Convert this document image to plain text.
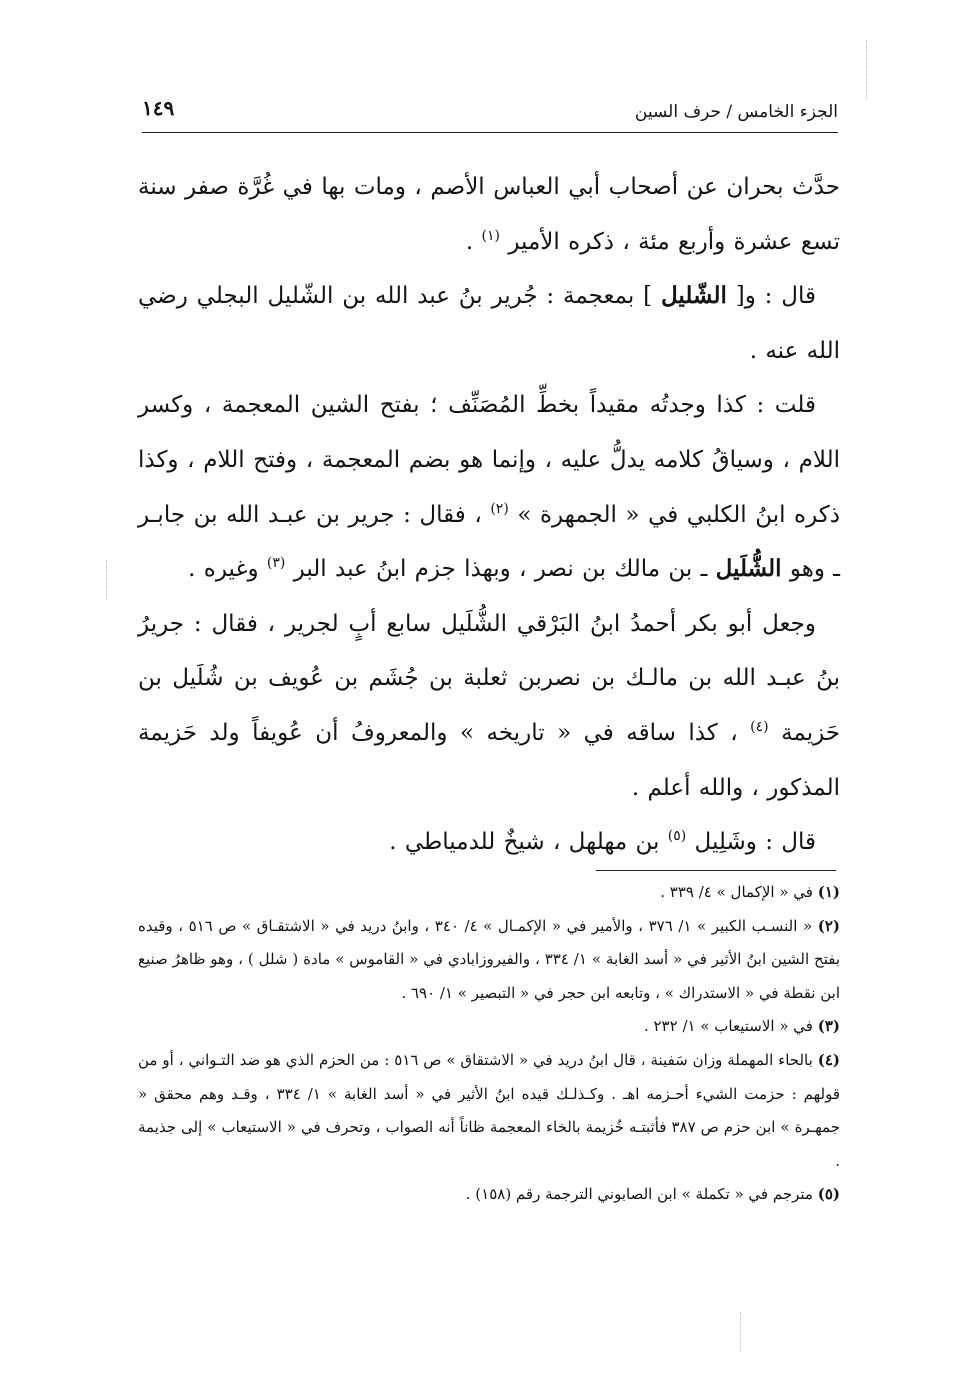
الجزء الخامس / حرف السين
١٤٩

حدَّث بحران عن أصحاب أبي العباس الأصم ، ومات بها في غُرَّة صفر سنة تسع عشرة وأربع مئة ، ذكره الأمير $^{(١)}$ .

قال : و[ الشّليل ] بمعجمة : جُرير بنُ عبد الله بن الشّليل البجلي رضي الله عنه .

قلت : كذا وجدتُه مقيداً بخطِّ المُصَنِّف ؛ بفتح الشين المعجمة ، وكسر اللام ، وسياقُ كلامه يدلُّ عليه ، وإنما هو بضم المعجمة ، وفتح اللام ، وكذا ذكره ابنُ الكلبي في « الجمهرة » $^{(٢)}$ ، فقال : جرير بن عبـد الله بن جابـر ـ وهو الشُّلَيل ـ بن مالك بن نصر ، وبهذا جزم ابنُ عبد البر $^{(٣)}$ وغيره .

وجعل أبو بكر أحمدُ ابنُ البَرْقي الشُّلَيل سابع أبٍ لجرير ، فقال : جريرُ بنُ عبـد الله بن مالـك بن نصربن ثعلبة بن جُشَم بن عُويف بن شُلَيل بن حَزيمة $^{(٤)}$ ، كذا ساقه في « تاريخه » والمعروفُ أن عُويفاً ولد حَزيمة المذكور ، والله أعلم .

قال : وشَلِيل $^{(٥)}$ بن مهلهل ، شيخٌ للدمياطي .

(١) في « الإكمال » ٤/ ٣٣٩ .

(٢) « النسـب الكبير » ١/ ٣٧٦ ، والأمير في « الإكمـال » ٤/ ٣٤٠ ، وابنُ دريد في « الاشتقـاق » ص ٥١٦ ، وقيده بفتح الشين ابنُ الأثير في « أسد الغابة » ١/ ٣٣٤ ، والفيروزابادي في « القاموس » مادة ( شلل ) ، وهو ظاهرُ صنيع ابن نقطة في « الاستدراك » ، وتابعه ابن حجر في « التبصير » ١/ ٦٩٠ .

(٣) في « الاستيعاب » ١/ ٢٣٢ .

(٤) بالحاء المهملة وزان سَفينة ، قال ابنُ دريد في « الاشتقاق » ص ٥١٦ : من الحزم الذي هو ضد التـواني ، أو من قولهم : حزمت الشيء أحـزمه اهـ . وكـذلـك قيده ابنُ الأثير في « أسد الغابة » ١/ ٣٣٤ ، وقـد وهم محقق « جمهـرة » ابن حزم ص ٣٨٧ فأثبتـه خُزيمة بالخاء المعجمة ظاناً أنه الصواب ، وتحرف في « الاستيعاب » إلى جذيمة .

(٥) مترجم في « تكملة » ابن الصابوني الترجمة رقم (١٥٨) .
